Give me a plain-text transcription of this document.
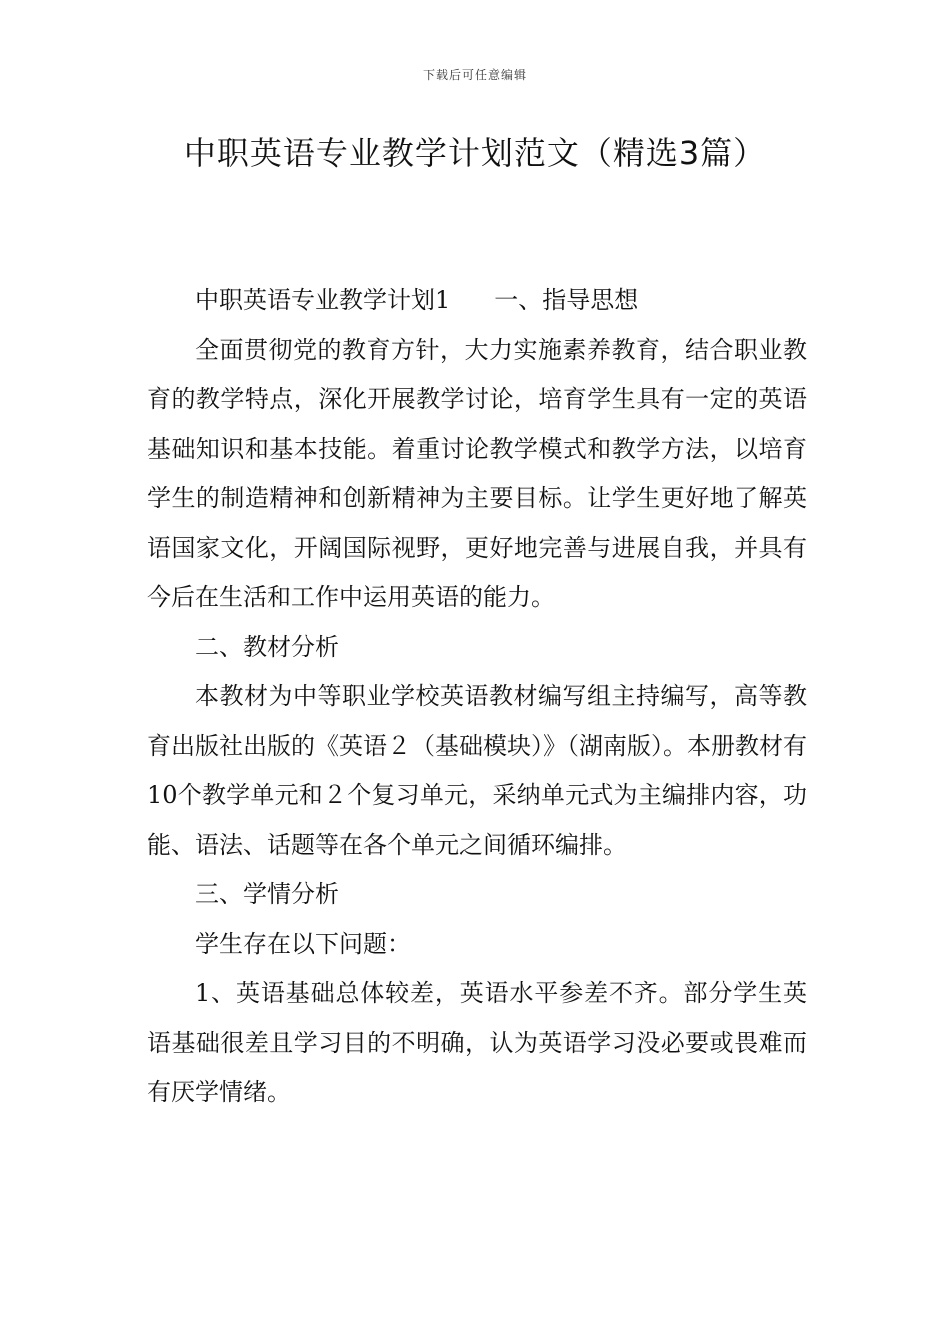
下载后可任意编辑
中职英语专业教学计划范文（精选3篇）

中职英语专业教学计划1 一、指导思想

全面贯彻党的教育方针，大力实施素养教育，结合职业教育的教学特点，深化开展教学讨论，培育学生具有一定的英语基础知识和基本技能。着重讨论教学模式和教学方法，以培育学生的制造精神和创新精神为主要目标。让学生更好地了解英语国家文化，开阔国际视野，更好地完善与进展自我，并具有今后在生活和工作中运用英语的能力。

二、教材分析

本教材为中等职业学校英语教材编写组主持编写，高等教育出版社出版的《英语２（基础模块）》（湖南版）。本册教材有10个教学单元和２个复习单元，采纳单元式为主编排内容，功能、语法、话题等在各个单元之间循环编排。

三、学情分析

学生存在以下问题：

1、英语基础总体较差，英语水平参差不齐。部分学生英语基础很差且学习目的不明确，认为英语学习没必要或畏难而有厌学情绪。
